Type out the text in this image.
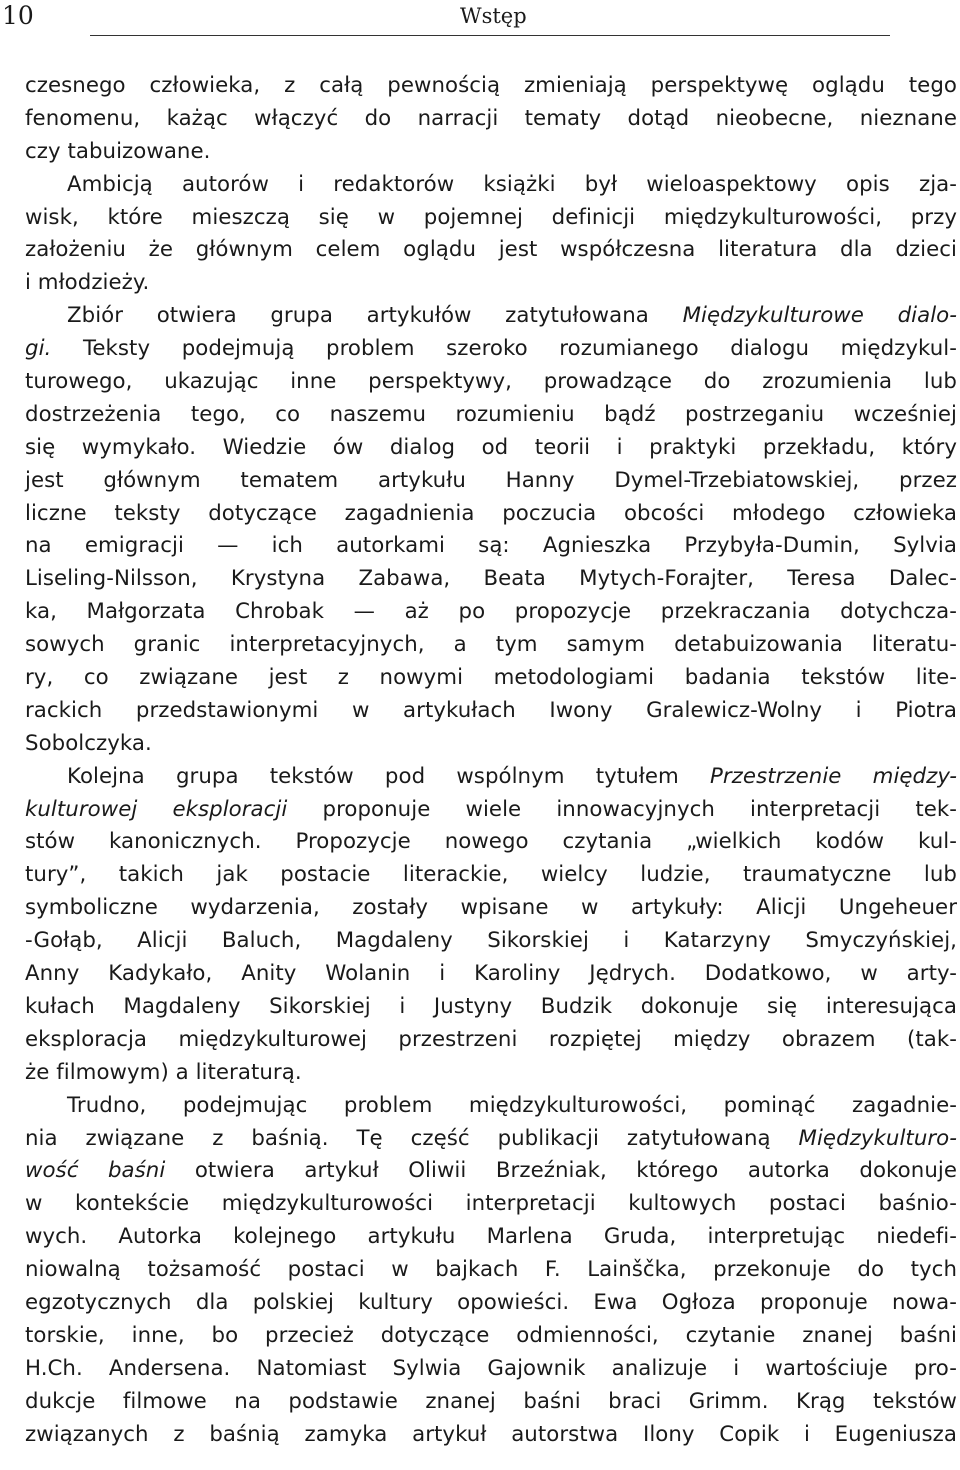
10	Wstęp
czesnego człowieka, z całą pewnością zmieniają perspektywę oglądu tego
fenomenu, każąc włączyć do narracji tematy dotąd nieobecne, nieznane
czy tabuizowane.
Ambicją autorów i redaktorów książki był wieloaspektowy opis zja-
wisk, które mieszczą się w pojemnej definicji międzykulturowości, przy
założeniu że głównym celem oglądu jest współczesna literatura dla dzieci
i młodzieży.
Zbiór otwiera grupa artykułów zatytułowana Międzykulturowe dialo-
gi. Teksty podejmują problem szeroko rozumianego dialogu międzykul-
turowego, ukazując inne perspektywy, prowadzące do zrozumienia lub
dostrzeżenia tego, co naszemu rozumieniu bądź postrzeganiu wcześniej
się wymykało. Wiedzie ów dialog od teorii i praktyki przekładu, który
jest głównym tematem artykułu Hanny Dymel-Trzebiatowskiej, przez
liczne teksty dotyczące zagadnienia poczucia obcości młodego człowieka
na emigracji — ich autorkami są: Agnieszka Przybyła-Dumin, Sylvia
Liseling-Nilsson, Krystyna Zabawa, Beata Mytych-Forajter, Teresa Dalec-
ka, Małgorzata Chrobak — aż po propozycje przekraczania dotychcza-
sowych granic interpretacyjnych, a tym samym detabuizowania literatu-
ry, co związane jest z nowymi metodologiami badania tekstów lite-
rackich przedstawionymi w artykułach Iwony Gralewicz-Wolny i Piotra
Sobolczyka.
Kolejna grupa tekstów pod wspólnym tytułem Przestrzenie między-
kulturowej eksploracji proponuje wiele innowacyjnych interpretacji tek-
stów kanonicznych. Propozycje nowego czytania „wielkich kodów kul-
tury”, takich jak postacie literackie, wielcy ludzie, traumatyczne lub
symboliczne wydarzenia, zostały wpisane w artykuły: Alicji Ungeheuer
-Gołąb, Alicji Baluch, Magdaleny Sikorskiej i Katarzyny Smyczyńskiej,
Anny Kadykało, Anity Wolanin i Karoliny Jędrych. Dodatkowo, w arty-
kułach Magdaleny Sikorskiej i Justyny Budzik dokonuje się interesująca
eksploracja międzykulturowej przestrzeni rozpiętej między obrazem (tak-
że filmowym) a literaturą.
Trudno, podejmując problem międzykulturowości, pominąć zagadnie-
nia związane z baśnią. Tę część publikacji zatytułowaną Międzykulturo-
wość baśni otwiera artykuł Oliwii Brzeźniak, którego autorka dokonuje
w kontekście międzykulturowości interpretacji kultowych postaci baśnio-
wych. Autorka kolejnego artykułu Marlena Gruda, interpretując niedefi-
niowalną tożsamość postaci w bajkach F. Lainščka, przekonuje do tych
egzotycznych dla polskiej kultury opowieści. Ewa Ogłoza proponuje nowa-
torskie, inne, bo przecież dotyczące odmienności, czytanie znanej baśni
H.Ch. Andersena. Natomiast Sylwia Gajownik analizuje i wartościuje pro-
dukcje filmowe na podstawie znanej baśni braci Grimm. Krąg tekstów
związanych z baśnią zamyka artykuł autorstwa Ilony Copik i Eugeniusza
